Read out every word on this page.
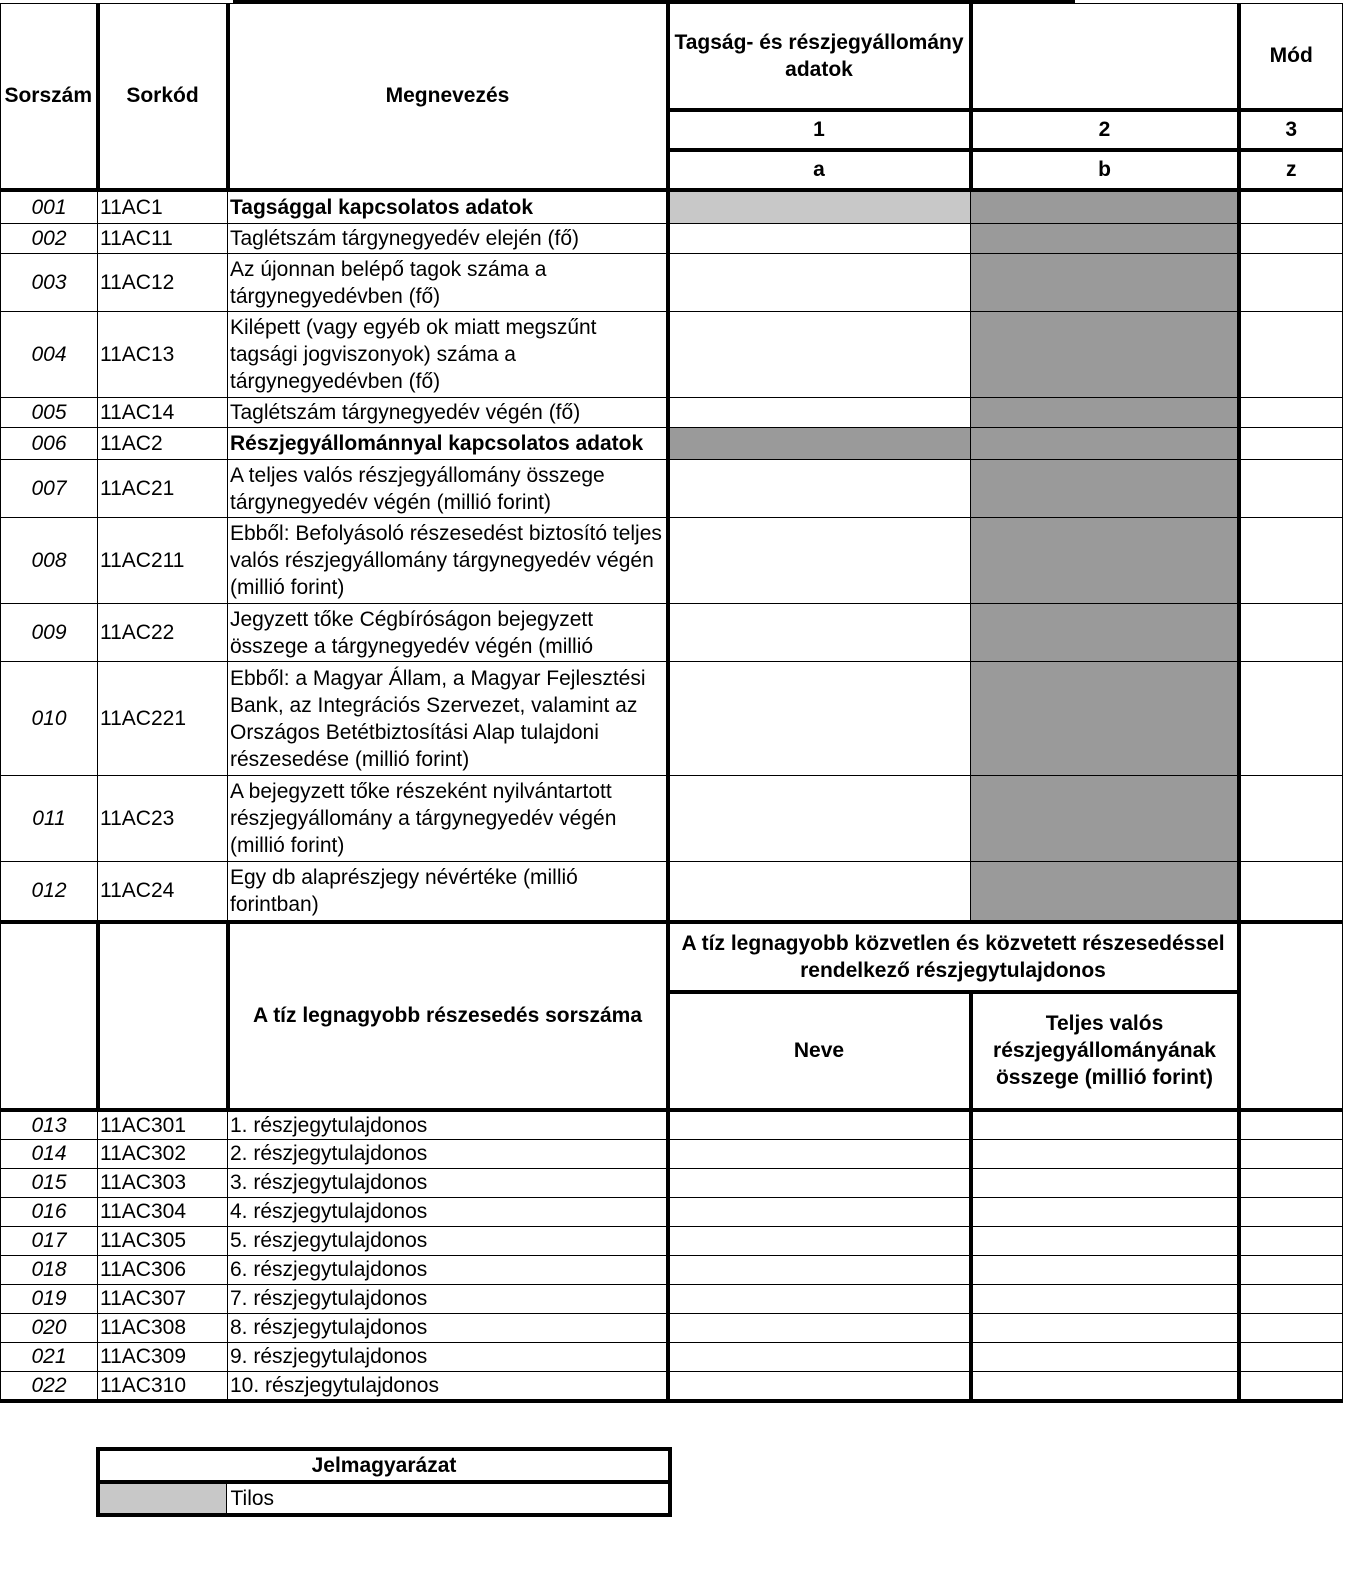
Sorszám	Sorkód	Megnevezés	Tagság- és részjegyállomány adatok		Mód
			1	2	3
			a	b	z
001	11AC1	Tagsággal kapcsolatos adatok			
002	11AC11	Taglétszám tárgynegyedév elején (fő)			
003	11AC12	Az újonnan belépő tagok száma a tárgynegyedévben (fő)			
004	11AC13	Kilépett (vagy egyéb ok miatt megszűnt tagsági jogviszonyok) száma a tárgynegyedévben (fő)			
005	11AC14	Taglétszám tárgynegyedév végén (fő)			
006	11AC2	Részjegyállománnyal kapcsolatos adatok			
007	11AC21	A teljes valós részjegyállomány összege tárgynegyedév végén (millió forint)			
008	11AC211	Ebből: Befolyásoló részesedést biztosító teljes valós részjegyállomány tárgynegyedév végén (millió forint)			
009	11AC22	Jegyzett tőke Cégbíróságon bejegyzett összege a tárgynegyedév végén (millió			
010	11AC221	Ebből: a Magyar Állam, a Magyar Fejlesztési Bank, az Integrációs Szervezet, valamint az Országos Betétbiztosítási Alap tulajdoni részesedése (millió forint)			
011	11AC23	A bejegyzett tőke részeként nyilvántartott részjegyállomány a tárgynegyedév végén (millió forint)			
012	11AC24	Egy db alaprészjegy névértéke (millió forintban)			
		A tíz legnagyobb részesedés sorszáma	A tíz legnagyobb közvetlen és közvetett részesedéssel rendelkező részjegytulajdonos		
			Neve	Teljes valós részjegyállományának összege (millió forint)	
013	11AC301	1. részjegytulajdonos			
014	11AC302	2. részjegytulajdonos			
015	11AC303	3. részjegytulajdonos			
016	11AC304	4. részjegytulajdonos			
017	11AC305	5. részjegytulajdonos			
018	11AC306	6. részjegytulajdonos			
019	11AC307	7. részjegytulajdonos			
020	11AC308	8. részjegytulajdonos			
021	11AC309	9. részjegytulajdonos			
022	11AC310	10. részjegytulajdonos			
Jelmagyarázat
	Tilos
